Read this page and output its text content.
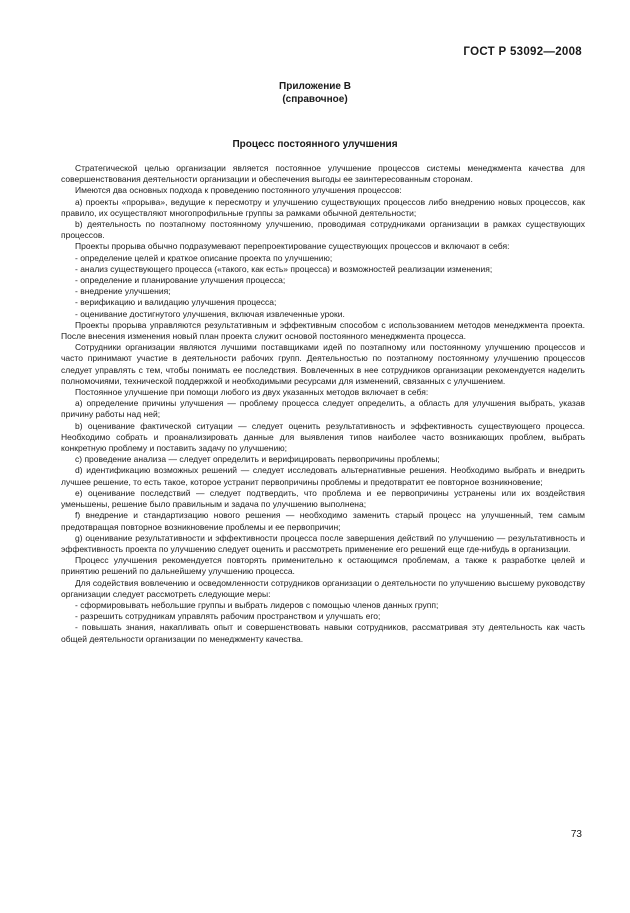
ГОСТ Р 53092—2008
Приложение В
(справочное)
Процесс постоянного улучшения

Стратегической целью организации является постоянное улучшение процессов системы менеджмента качества для совершенствования деятельности организации и обеспечения выгоды ее заинтересованным сторонам.

Имеются два основных подхода к проведению постоянного улучшения процессов:

a) проекты «прорыва», ведущие к пересмотру и улучшению существующих процессов либо внедрению новых процессов, как правило, их осуществляют многопрофильные группы за рамками обычной деятельности;

b) деятельность по поэтапному постоянному улучшению, проводимая сотрудниками организации в рамках существующих процессов.

Проекты прорыва обычно подразумевают перепроектирование существующих процессов и включают в себя:

- определение целей и краткое описание проекта по улучшению;

- анализ существующего процесса («такого, как есть» процесса) и возможностей реализации изменения;

- определение и планирование улучшения процесса;

- внедрение улучшения;

- верификацию и валидацию улучшения процесса;

- оценивание достигнутого улучшения, включая извлеченные уроки.

Проекты прорыва управляются результативным и эффективным способом с использованием методов менеджмента проекта. После внесения изменения новый план проекта служит основой постоянного менеджмента процесса.

Сотрудники организации являются лучшими поставщиками идей по поэтапному или постоянному улучшению процессов и часто принимают участие в деятельности рабочих групп. Деятельностью по поэтапному постоянному улучшению процессов следует управлять с тем, чтобы понимать ее последствия. Вовлеченных в нее сотрудников организации рекомендуется наделить полномочиями, технической поддержкой и необходимыми ресурсами для изменений, связанных с улучшением.

Постоянное улучшение при помощи любого из двух указанных методов включает в себя:

a) определение причины улучшения — проблему процесса следует определить, а область для улучшения выбрать, указав причину работы над ней;

b) оценивание фактической ситуации — следует оценить результативность и эффективность существующего процесса. Необходимо собрать и проанализировать данные для выявления типов наиболее часто возникающих проблем, выбрать конкретную проблему и поставить задачу по улучшению;

c) проведение анализа — следует определить и верифицировать первопричины проблемы;

d) идентификацию возможных решений — следует исследовать альтернативные решения. Необходимо выбрать и внедрить лучшее решение, то есть такое, которое устранит первопричины проблемы и предотвратит ее повторное возникновение;

e) оценивание последствий — следует подтвердить, что проблема и ее первопричины устранены или их воздействия уменьшены, решение было правильным и задача по улучшению выполнена;

f) внедрение и стандартизацию нового решения — необходимо заменить старый процесс на улучшенный, тем самым предотвращая повторное возникновение проблемы и ее первопричин;

g) оценивание результативности и эффективности процесса после завершения действий по улучшению — результативность и эффективность проекта по улучшению следует оценить и рассмотреть применение его решений еще где-нибудь в организации.

Процесс улучшения рекомендуется повторять применительно к остающимся проблемам, а также к разработке целей и принятию решений по дальнейшему улучшению процесса.

Для содействия вовлечению и осведомленности сотрудников организации о деятельности по улучшению высшему руководству организации следует рассмотреть следующие меры:

- сформировывать небольшие группы и выбрать лидеров с помощью членов данных групп;

- разрешить сотрудникам управлять рабочим пространством и улучшать его;

- повышать знания, накапливать опыт и совершенствовать навыки сотрудников, рассматривая эту деятельность как часть общей деятельности организации по менеджменту качества.

73
